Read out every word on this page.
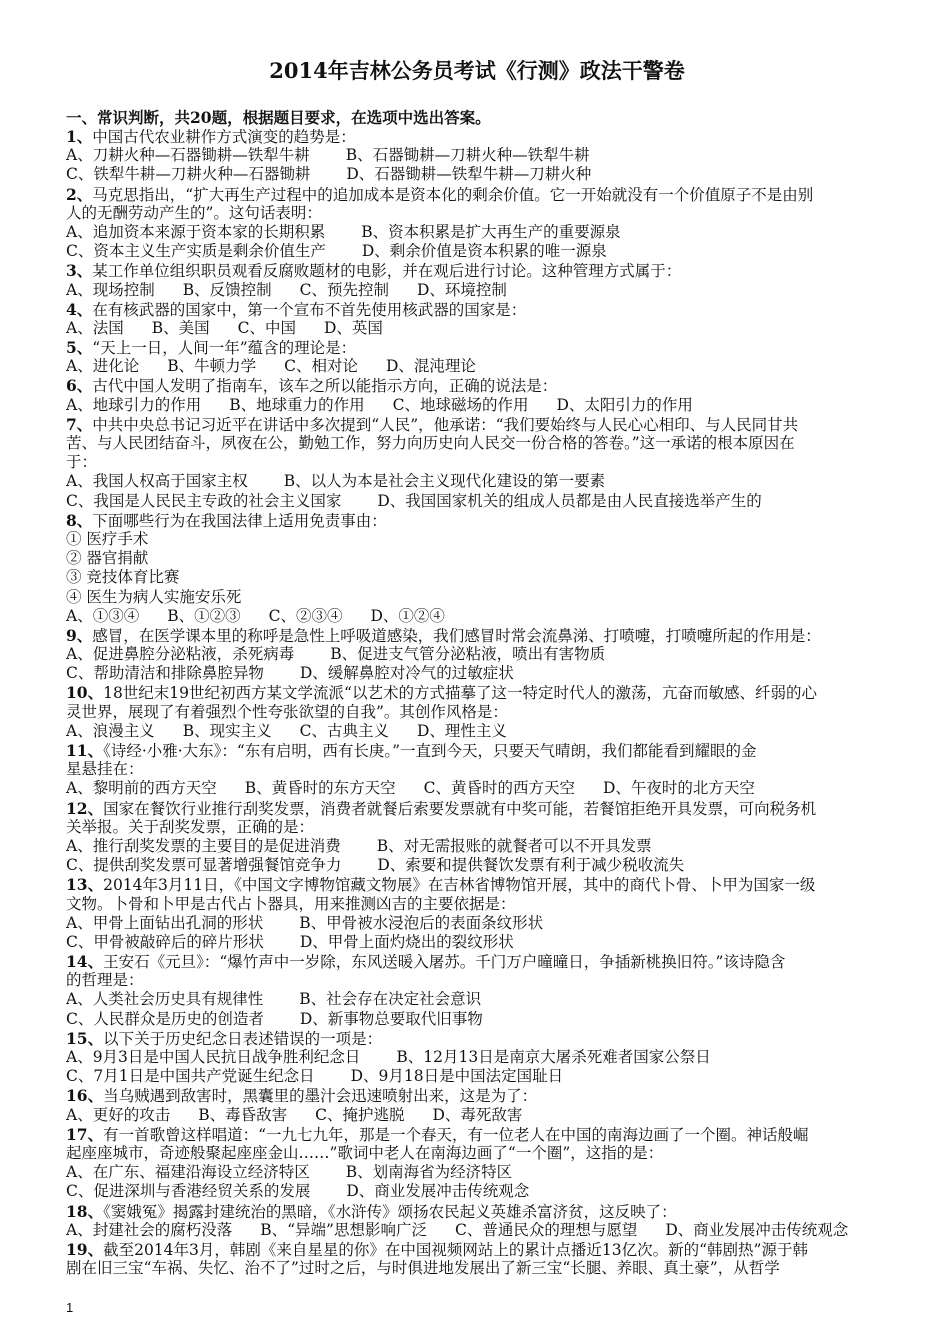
2014年吉林公务员考试《行测》政法干警卷
一、常识判断，共20题，根据题目要求，在选项中选出答案。
1、中国古代农业耕作方式演变的趋势是：
A、刀耕火种—石器锄耕—铁犁牛耕 B、石器锄耕—刀耕火种—铁犁牛耕
C、铁犁牛耕—刀耕火种—石器锄耕 D、石器锄耕—铁犁牛耕—刀耕火种
2、马克思指出，“扩大再生产过程中的追加成本是资本化的剩余价值。它一开始就没有一个价值原子不是由别
人的无酬劳动产生的”。这句话表明：
A、追加资本来源于资本家的长期积累 B、资本积累是扩大再生产的重要源泉
C、资本主义生产实质是剩余价值生产 D、剩余价值是资本积累的唯一源泉
3、某工作单位组织职员观看反腐败题材的电影，并在观后进行讨论。这种管理方式属于：
A、现场控制 B、反馈控制 C、预先控制 D、环境控制
4、在有核武器的国家中，第一个宣布不首先使用核武器的国家是：
A、法国 B、美国 C、中国 D、英国
5、“天上一日，人间一年”蕴含的理论是：
A、进化论 B、牛顿力学 C、相对论 D、混沌理论
6、古代中国人发明了指南车，该车之所以能指示方向，正确的说法是：
A、地球引力的作用 B、地球重力的作用 C、地球磁场的作用 D、太阳引力的作用
7、中共中央总书记习近平在讲话中多次提到“人民”，他承诺：“我们要始终与人民心心相印、与人民同甘共
苦、与人民团结奋斗，夙夜在公，勤勉工作，努力向历史向人民交一份合格的答卷。”这一承诺的根本原因在
于：
A、我国人权高于国家主权 B、以人为本是社会主义现代化建设的第一要素
C、我国是人民民主专政的社会主义国家 D、我国国家机关的组成人员都是由人民直接选举产生的
8、下面哪些行为在我国法律上适用免责事由：
① 医疗手术
② 器官捐献
③ 竞技体育比赛
④ 医生为病人实施安乐死
A、①③④ B、①②③ C、②③④ D、①②④
9、感冒，在医学课本里的称呼是急性上呼吸道感染，我们感冒时常会流鼻涕、打喷嚏，打喷嚏所起的作用是：
A、促进鼻腔分泌粘液，杀死病毒 B、促进支气管分泌粘液，喷出有害物质
C、帮助清洁和排除鼻腔异物 D、缓解鼻腔对冷气的过敏症状
10、18世纪末19世纪初西方某文学流派“以艺术的方式描摹了这一特定时代人的激荡，亢奋而敏感、纤弱的心
灵世界，展现了有着强烈个性夸张欲望的自我”。其创作风格是：
A、浪漫主义 B、现实主义 C、古典主义 D、理性主义
11、《诗经·小雅·大东》：“东有启明，西有长庚。”一直到今天，只要天气晴朗，我们都能看到耀眼的金
星悬挂在：
A、黎明前的西方天空 B、黄昏时的东方天空 C、黄昏时的西方天空 D、午夜时的北方天空
12、国家在餐饮行业推行刮奖发票，消费者就餐后索要发票就有中奖可能，若餐馆拒绝开具发票，可向税务机
关举报。关于刮奖发票，正确的是：
A、推行刮奖发票的主要目的是促进消费 B、对无需报账的就餐者可以不开具发票
C、提供刮奖发票可显著增强餐馆竞争力 D、索要和提供餐饮发票有利于减少税收流失
13、2014年3月11日，《中国文字博物馆藏文物展》在吉林省博物馆开展，其中的商代卜骨、卜甲为国家一级
文物。卜骨和卜甲是古代占卜器具，用来推测凶吉的主要依据是：
A、甲骨上面钻出孔洞的形状 B、甲骨被水浸泡后的表面条纹形状
C、甲骨被敲碎后的碎片形状 D、甲骨上面灼烧出的裂纹形状
14、王安石《元旦》：“爆竹声中一岁除，东风送暖入屠苏。千门万户曈曈日，争插新桃换旧符。”该诗隐含
的哲理是：
A、人类社会历史具有规律性 B、社会存在决定社会意识
C、人民群众是历史的创造者 D、新事物总要取代旧事物
15、以下关于历史纪念日表述错误的一项是：
A、9月3日是中国人民抗日战争胜利纪念日 B、12月13日是南京大屠杀死难者国家公祭日
C、7月1日是中国共产党诞生纪念日 D、9月18日是中国法定国耻日
16、当乌贼遇到敌害时，黑囊里的墨汁会迅速喷射出来，这是为了：
A、更好的攻击 B、毒昏敌害 C、掩护逃脱 D、毒死敌害
17、有一首歌曾这样唱道：“一九七九年，那是一个春天，有一位老人在中国的南海边画了一个圈。神话般崛
起座座城市，奇迹般聚起座座金山……”歌词中老人在南海边画了“一个圈”，这指的是：
A、在广东、福建沿海设立经济特区 B、划南海省为经济特区
C、促进深圳与香港经贸关系的发展 D、商业发展冲击传统观念
18、《窦娥冤》揭露封建统治的黑暗，《水浒传》颂扬农民起义英雄杀富济贫，这反映了：
A、封建社会的腐朽没落 B、“异端”思想影响广泛 C、普通民众的理想与愿望 D、商业发展冲击传统观念
19、截至2014年3月，韩剧《来自星星的你》在中国视频网站上的累计点播近13亿次。新的“韩剧热”源于韩
剧在旧三宝“车祸、失忆、治不了”过时之后，与时俱进地发展出了新三宝“长腿、养眼、真土豪”，从哲学
1
